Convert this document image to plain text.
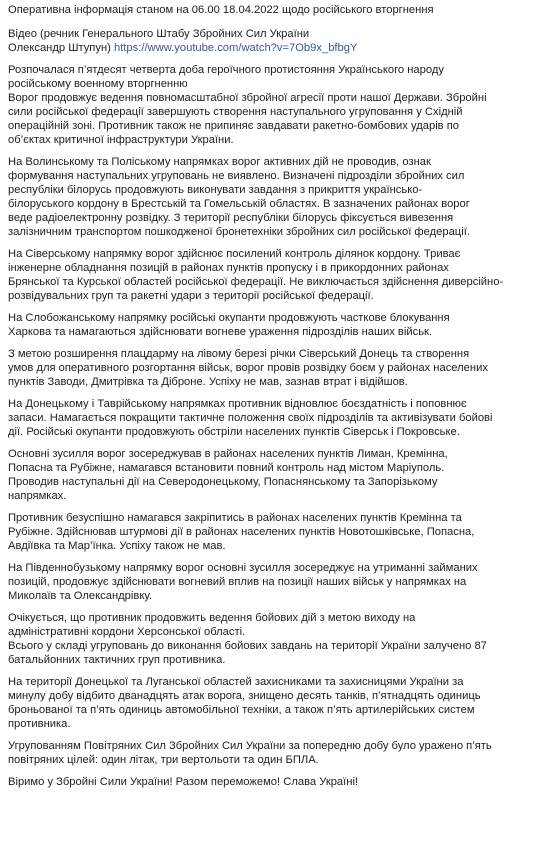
Оперативна інформація станом на 06.00 18.04.2022 щодо російського вторгнення
Відео (речник Генерального Штабу Збройних Сил України
Олександр Штупун) https://www.youtube.com/watch?v=7Ob9x_bfbgY
Розпочалася п’ятдесят четверта доба героїчного протистояння Українського народу
російському военному вторгненню
Ворог продовжує ведення повномасштабної збройної агресії проти нашої Держави. Збройні
сили російської федерації завершують створення наступального угруповання у Східній
операційній зоні. Противник також не припиняє завдавати ракетно-бомбових ударів по
об’єктах критичної інфраструктури України.
На Волинському та Поліському напрямках ворог активних дій не проводив, ознак
формування наступальних угруповань не виявлено. Визначені підрозділи збройних сил
республіки білорусь продовжують виконувати завдання з прикриття українсько-
білоруського кордону в Брестській та Гомельській областях. В зазначених районах ворог
веде радіоелектронну розвідку. З території республіки білорусь фіксується вивезення
залізничним транспортом пошкодженої бронетехніки збройних сил російської федерації.
На Сіверському напрямку ворог здійснює посилений контроль ділянок кордону. Триває
інженерне обладнання позицій в районах пунктів пропуску і в прикордонних районах
Брянської та Курської областей російської федерації. Не виключається здійснення диверсійно-
розвідувальних груп та ракетні удари з території російської федерації.
На Слобожанському напрямку російські окупанти продовжують часткове блокування
Харкова та намагаються здійснювати вогневе ураження підрозділів наших військ.
З метою розширення плацдарму на лівому березі річки Сіверський Донець та створення
умов для оперативного розгортання військ, ворог провів розвідку боєм у районах населених
пунктів Заводи, Дмитрівка та Діброне. Успіху не мав, зазнав втрат і відійшов.
На Донецькому і Таврійському напрямках противник відновлює боєздатність і поповнює
запаси. Намагається покращити тактичне положення своїх підрозділів та активізувати бойові
дії. Російські окупанти продовжують обстріли населених пунктів Сіверськ і Покровське.
Основні зусилля ворог зосереджував в районах населених пунктів Лиман, Кремінна,
Попасна та Рубіжне, намагався встановити повний контроль над містом Маріуполь.
Проводив наступальні дії на Северодонецькому, Попаснянському та Запорізькому
напрямках.
Противник безуспішно намагався закріпитись в районах населених пунктів Кремінна та
Рубіжне. Здійснював штурмові дії в районах населених пунктів Новотошківське, Попасна,
Авдіївка та Мар’їнка. Успіху також не мав.
На Південнобузькому напрямку ворог основні зусилля зосереджує на утриманні займаних
позицій, продовжує здійснювати вогневий вплив на позиції наших військ у напрямках на
Миколаїв та Олександрівку.
Очікується, що противник продовжить ведення бойових дій з метою виходу на
адміністративні кордони Херсонської області.
Всього у складі угруповань до виконання бойових завдань на території України залучено 87
батальйонних тактичних груп противника.
На території Донецької та Луганської областей захисниками та захисницями України за
минулу добу відбито дванадцять атак ворога, знищено десять танків, п’ятнадцять одиниць
броньованої та п’ять одиниць автомобільної техніки, а також п’ять артилерійських систем
противника.
Угрупованням Повітряних Сил Збройних Сил України за попередню добу було уражено п’ять
повітряних цілей: один літак, три вертольоти та один БПЛА.
Віримо у Збройні Сили України! Разом переможемо! Слава Україні!
